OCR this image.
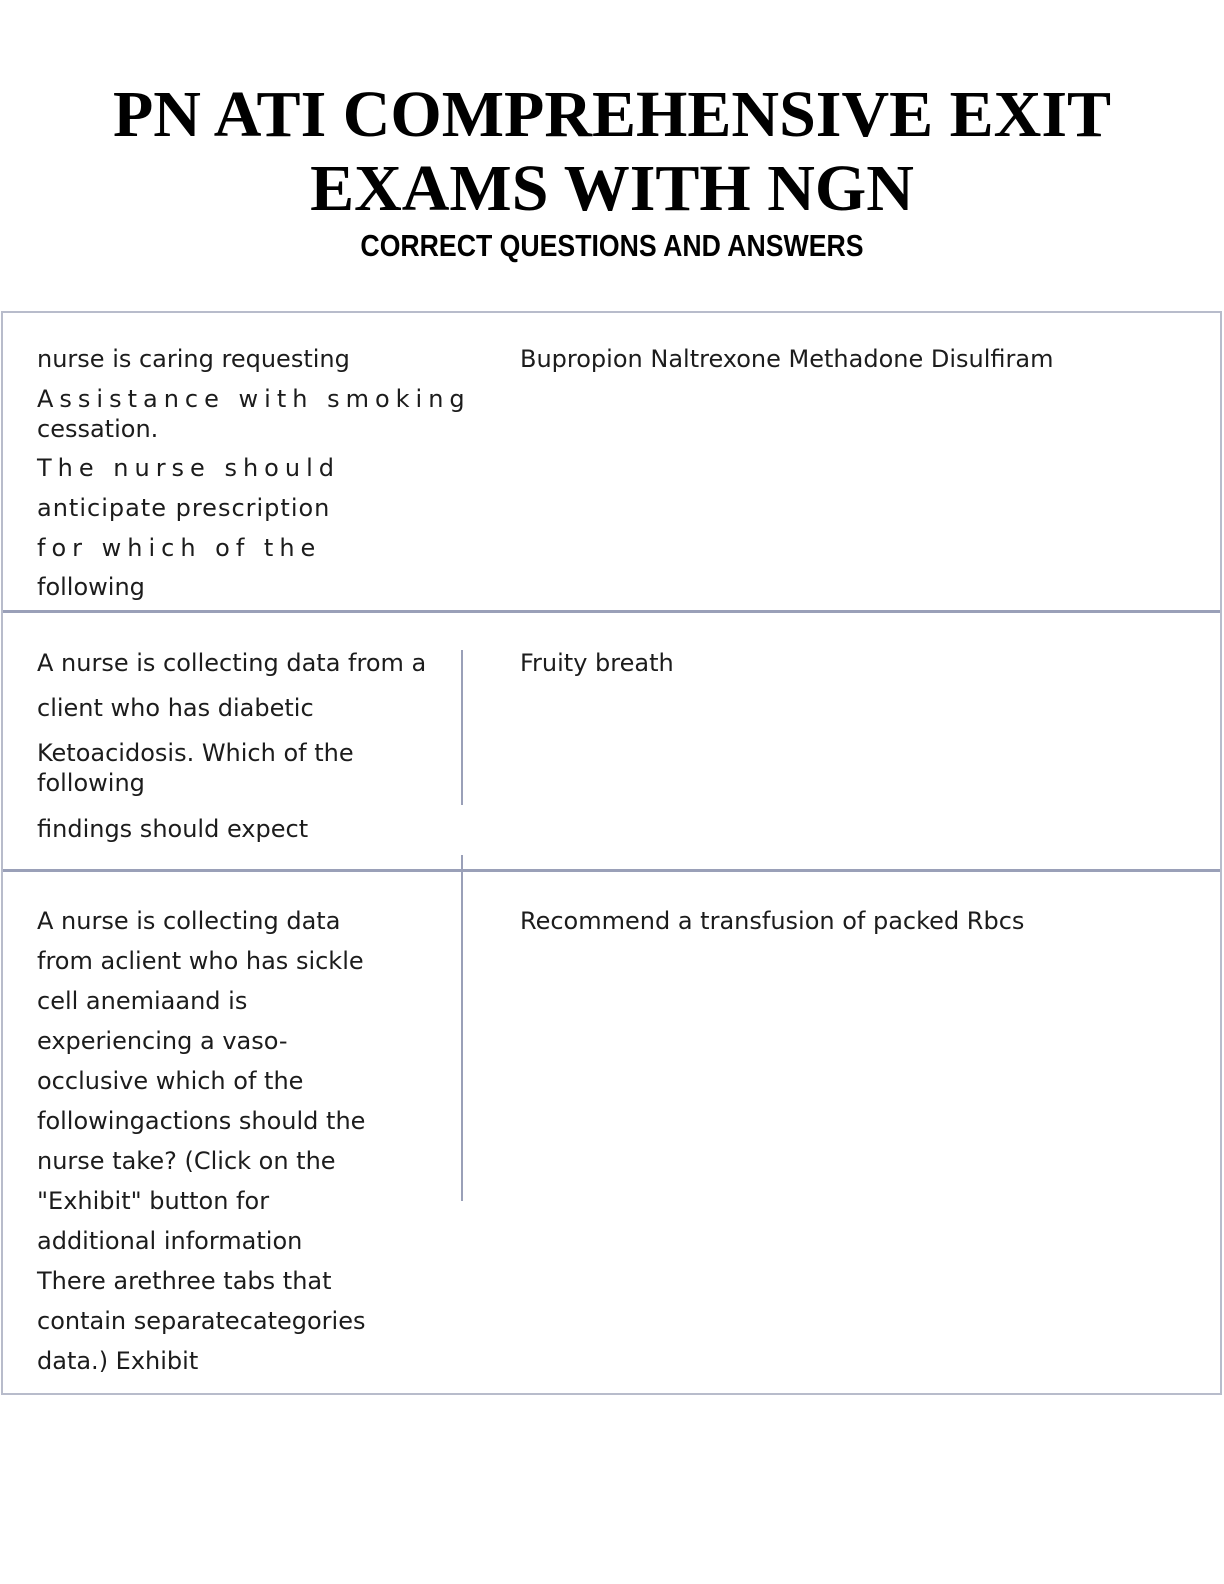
PN ATI COMPREHENSIVE EXIT
EXAMS WITH NGN
CORRECT QUESTIONS AND ANSWERS
nurse is caring requesting
Assistance with smoking
cessation.
The nurse should
anticipate prescription
for which of the
following
Bupropion Naltrexone Methadone Disulfiram
A nurse is collecting data from a
client who has diabetic
Ketoacidosis. Which of the
following
findings should expect
Fruity breath
A nurse is collecting data
from aclient who has sickle
cell anemiaand is
experiencing a vaso-
occlusive which of the
followingactions should the
nurse take? (Click on the
"Exhibit" button for
additional information
There arethree tabs that
contain separatecategories
data.) Exhibit
Recommend a transfusion of packed Rbcs
